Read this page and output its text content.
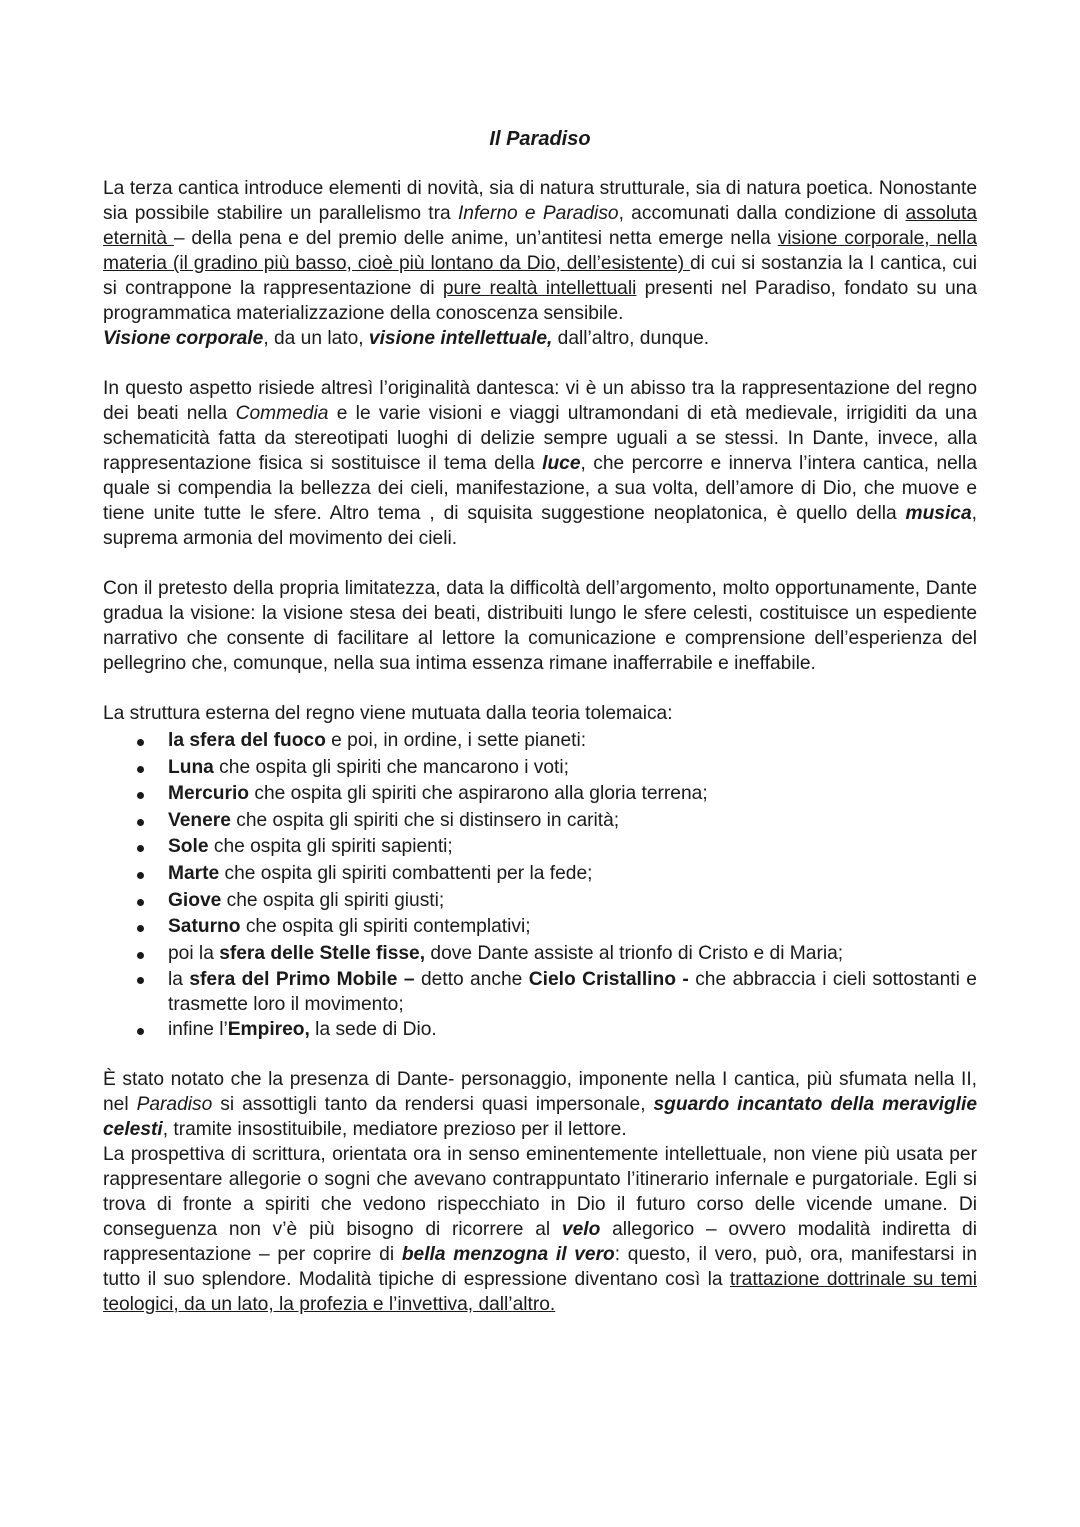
Il Paradiso

La terza cantica introduce elementi di novità, sia di natura strutturale, sia di natura poetica. Nonostante sia possibile stabilire un parallelismo tra Inferno e Paradiso, accomunati dalla condizione di assoluta eternità – della pena e del premio delle anime, un’antitesi netta emerge nella visione corporale, nella materia (il gradino più basso, cioè più lontano da Dio, dell’esistente) di cui si sostanzia la I cantica, cui si contrappone la rappresentazione di pure realtà intellettuali presenti nel Paradiso, fondato su una programmatica materializzazione della conoscenza sensibile.

Visione corporale, da un lato, visione intellettuale, dall’altro, dunque.

In questo aspetto risiede altresì l’originalità dantesca: vi è un abisso tra la rappresentazione del regno dei beati nella Commedia e le varie visioni e viaggi ultramondani di età medievale, irrigiditi da una schematicità fatta da stereotipati luoghi di delizie sempre uguali a se stessi. In Dante, invece, alla rappresentazione fisica si sostituisce il tema della luce, che percorre e innerva l’intera cantica, nella quale si compendia la bellezza dei cieli, manifestazione, a sua volta, dell’amore di Dio, che muove e tiene unite tutte le sfere. Altro tema , di squisita suggestione neoplatonica, è quello della musica, suprema armonia del movimento dei cieli.

Con il pretesto della propria limitatezza, data la difficoltà dell’argomento, molto opportunamente, Dante gradua la visione: la visione stesa dei beati, distribuiti lungo le sfere celesti, costituisce un espediente narrativo che consente di facilitare al lettore la comunicazione e comprensione dell’esperienza del pellegrino che, comunque, nella sua intima essenza rimane inafferrabile e ineffabile.

La struttura esterna del regno viene mutuata dalla teoria tolemaica:

la sfera del fuoco e poi, in ordine, i sette pianeti:
Luna che ospita gli spiriti che mancarono i voti;
Mercurio che ospita gli spiriti che aspirarono alla gloria terrena;
Venere che ospita gli spiriti che si distinsero in carità;
Sole che ospita gli spiriti sapienti;
Marte che ospita gli spiriti combattenti per la fede;
Giove che ospita gli spiriti giusti;
Saturno che ospita gli spiriti contemplativi;
poi la sfera delle Stelle fisse, dove Dante assiste al trionfo di Cristo e di Maria;
la sfera del Primo Mobile – detto anche Cielo Cristallino - che abbraccia i cieli sottostanti e trasmette loro il movimento;
infine l’Empireo, la sede di Dio.

È stato notato che la presenza di Dante- personaggio, imponente nella I cantica, più sfumata nella II, nel Paradiso si assottigli tanto da rendersi quasi impersonale, sguardo incantato della meraviglie celesti, tramite insostituibile, mediatore prezioso per il lettore.

La prospettiva di scrittura, orientata ora in senso eminentemente intellettuale, non viene più usata per rappresentare allegorie o sogni che avevano contrappuntato l’itinerario infernale e purgatoriale. Egli si trova di fronte a spiriti che vedono rispecchiato in Dio il futuro corso delle vicende umane. Di conseguenza non v’è più bisogno di ricorrere al velo allegorico – ovvero modalità indiretta di rappresentazione – per coprire di bella menzogna il vero: questo, il vero, può, ora, manifestarsi in tutto il suo splendore. Modalità tipiche di espressione diventano così la trattazione dottrinale su temi teologici, da un lato, la profezia e l’invettiva, dall’altro.
